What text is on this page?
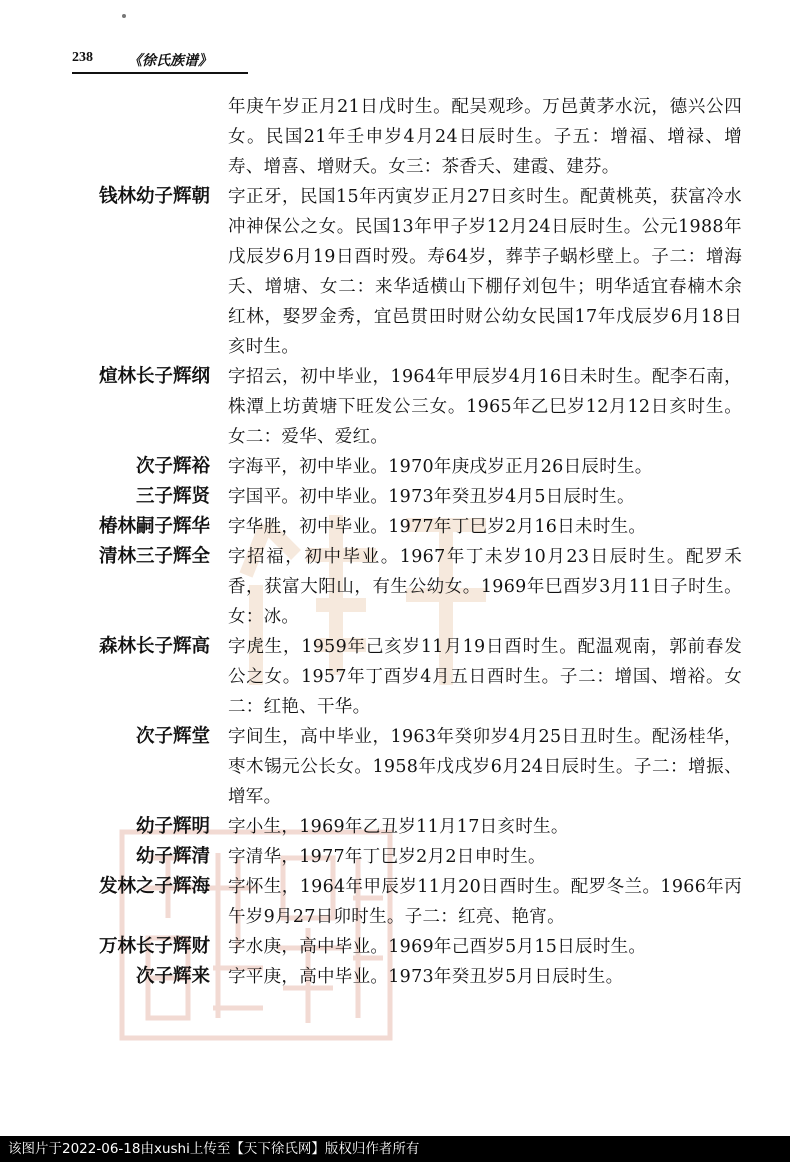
238	《徐氏族谱》
年庚午岁正月21日戊时生。配吴观珍。万邑黄茅水沅，德兴公四女。民国21年壬申岁4月24日辰时生。子五：增福、增禄、增寿、增喜、增财夭。女三：茶香夭、建霞、建芬。
钱林幼子辉朝 字正牙，民国15年丙寅岁正月27日亥时生。配黄桃英，获富冷水冲神保公之女。民国13年甲子岁12月24日辰时生。公元1988年戊辰岁6月19日酉时殁。寿64岁，葬芋子蜗杉壁上。子二：增海夭、增塘、女二：来华适横山下棚仔刘包牛；明华适宜春楠木余红林，娶罗金秀，宜邑贯田时财公幼女民国17年戊辰岁6月18日亥时生。
煊林长子辉纲 字招云，初中毕业，1964年甲辰岁4月16日未时生。配李石南，株潭上坊黄塘下旺发公三女。1965年乙巳岁12月12日亥时生。女二：爱华、爱红。
次子辉裕 字海平，初中毕业。1970年庚戌岁正月26日辰时生。
三子辉贤 字国平。初中毕业。1973年癸丑岁4月5日辰时生。
椿林嗣子辉华 字华胜，初中毕业。1977年丁巳岁2月16日未时生。
清林三子辉全 字招福，初中毕业。1967年丁未岁10月23日辰时生。配罗禾香，获富大阳山，有生公幼女。1969年巳酉岁3月11日子时生。女：冰。
森林长子辉高 字虎生，1959年己亥岁11月19日酉时生。配温观南，郭前春发公之女。1957年丁酉岁4月五日酉时生。子二：增国、增裕。女二：红艳、干华。
次子辉堂 字间生，高中毕业，1963年癸卯岁4月25日丑时生。配汤桂华，枣木锡元公长女。1958年戊戌岁6月24日辰时生。子二：增振、增军。
幼子辉明 字小生，1969年乙丑岁11月17日亥时生。
幼子辉清 字清华，1977年丁巳岁2月2日申时生。
发林之子辉海 字怀生，1964年甲辰岁11月20日酉时生。配罗冬兰。1966年丙午岁9月27日卯时生。子二：红亮、艳宵。
万林长子辉财 字水庚，高中毕业。1969年己酉岁5月15日辰时生。
次子辉来 字平庚，高中毕业。1973年癸丑岁5月日辰时生。
该图片于2022-06-18由xushi上传至【天下徐氏网】版权归作者所有
